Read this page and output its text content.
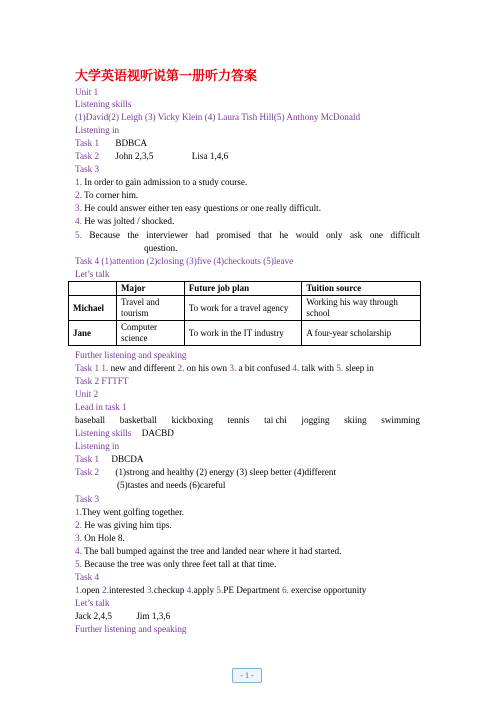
大学英语视听说第一册听力答案
Unit 1
Listening skills
(1)David(2) Leigh (3) Vicky Klein (4) Laura Tish Hill(5) Anthony McDonald
Listening in
Task 1 BDBCA
Task 2 John 2,3,5	Lisa 1,4,6
Task 3
1. In order to gain admission to a study course.
2. To corner him.
3. He could answer either ten easy questions or one really difficult.
4. He was jolted / shocked.
5. Because the interviewer had promised that he would only ask one difficult
question.
Task 4 (1)attention (2)closing (3)five (4)checkouts (5)leave
Let’s talk
	Major	Future job plan	Tuition source
Michael	Travel and tourism	To work for a travel agency	Working his way through school
Jane	Computer science	To work in the IT industry	A four-year scholarship
Further listening and speaking
Task 1 1. new and different 2. on his own 3. a bit confused 4. talk with 5. sleep in
Task 2 FTTFT
Unit 2
Lead in task 1
baseball basketball kickboxing tennis tai chi jogging skiing swimming
Listening skills DACBD
Listening in
Task 1 DBCDA
Task 2 (1)strong and healthy (2) energy (3) sleep better (4)different
(5)tastes and needs (6)careful
Task 3
1.They went golfing together.
2. He was giving him tips.
3. On Hole 8.
4. The ball bumped against the tree and landed near where it had started.
5. Because the tree was only three feet tall at that time.
Task 4
1.open 2.interested 3.checkup 4.apply 5.PE Department 6. exercise opportunity
Let’s talk
Jack 2,4,5	Jim 1,3,6
Further listening and speaking
- 1 -
